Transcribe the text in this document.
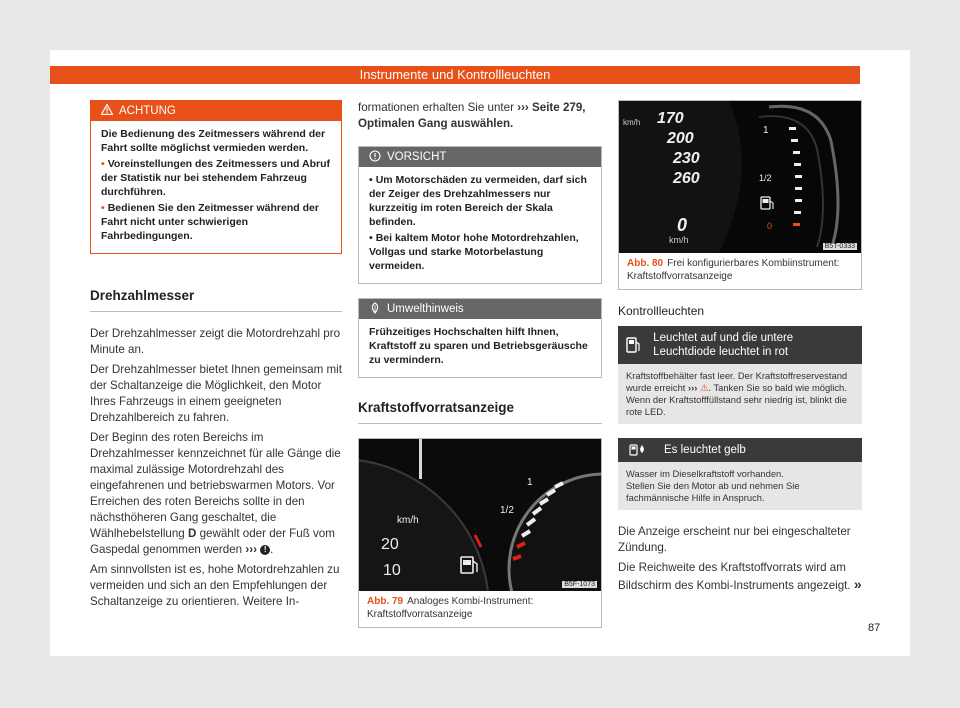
Instrumente und Kontrollleuchten
ACHTUNG

Die Bedienung des Zeitmessers während der Fahrt sollte möglichst vermieden werden.

• Voreinstellungen des Zeitmessers und Abruf der Statistik nur bei stehendem Fahrzeug durchführen.

• Bedienen Sie den Zeitmesser während der Fahrt nicht unter schwierigen Fahrbedingungen.

Drehzahlmesser

Der Drehzahlmesser zeigt die Motordrehzahl pro Minute an.

Der Drehzahlmesser bietet Ihnen gemeinsam mit der Schaltanzeige die Möglichkeit, den Motor Ihres Fahrzeugs in einem geeigneten Drehzahlbereich zu fahren.

Der Beginn des roten Bereichs im Drehzahlmesser kennzeichnet für alle Gänge die maximal zulässige Motordrehzahl des eingefahrenen und betriebswarmen Motors. Vor Erreichen des roten Bereichs sollte in den nächsthöheren Gang geschaltet, die Wählhebelstellung D gewählt oder der Fuß vom Gaspedal genommen werden ››› ! .

Am sinnvollsten ist es, hohe Motordrehzahlen zu vermeiden und sich an den Empfehlungen der Schaltanzeige zu orientieren. Weitere In-

formationen erhalten Sie unter ››› Seite 279, Optimalen Gang auswählen.

VORSICHT

• Um Motorschäden zu vermeiden, darf sich der Zeiger des Drehzahlmessers nur kurzzeitig im roten Bereich der Skala befinden.

• Bei kaltem Motor hohe Motordrehzahlen, Vollgas und starke Motorbelastung vermeiden.

Umwelthinweis

Frühzeitiges Hochschalten hilft Ihnen, Kraftstoff zu sparen und Betriebsgeräusche zu vermindern.

Kraftstoffvorratsanzeige
km/h
20
10
1
1/2
B5F-1073
Abb. 79 Analoges Kombi-Instrument: Kraftstoffvorratsanzeige
170
200
230
260
0
km/h
km/h
1
1/2
0
B5T-0333
Abb. 80 Frei konfigurierbares Kombiinstrument: Kraftstoffvorratsanzeige

Kontrollleuchten

Leuchtet auf und die untere Leuchtdiode leuchtet in rot
Kraftstoffbehälter fast leer. Der Kraftstoffreservestand wurde erreicht ››› ⚠. Tanken Sie so bald wie möglich.
Wenn der Kraftstofffüllstand sehr niedrig ist, blinkt die rote LED.
Es leuchtet gelb
Wasser im Dieselkraftstoff vorhanden.
Stellen Sie den Motor ab und nehmen Sie fachmännische Hilfe in Anspruch.

Die Anzeige erscheint nur bei eingeschalteter Zündung.

Die Reichweite des Kraftstoffvorrats wird am Bildschirm des Kombi-Instruments angezeigt. »

87
